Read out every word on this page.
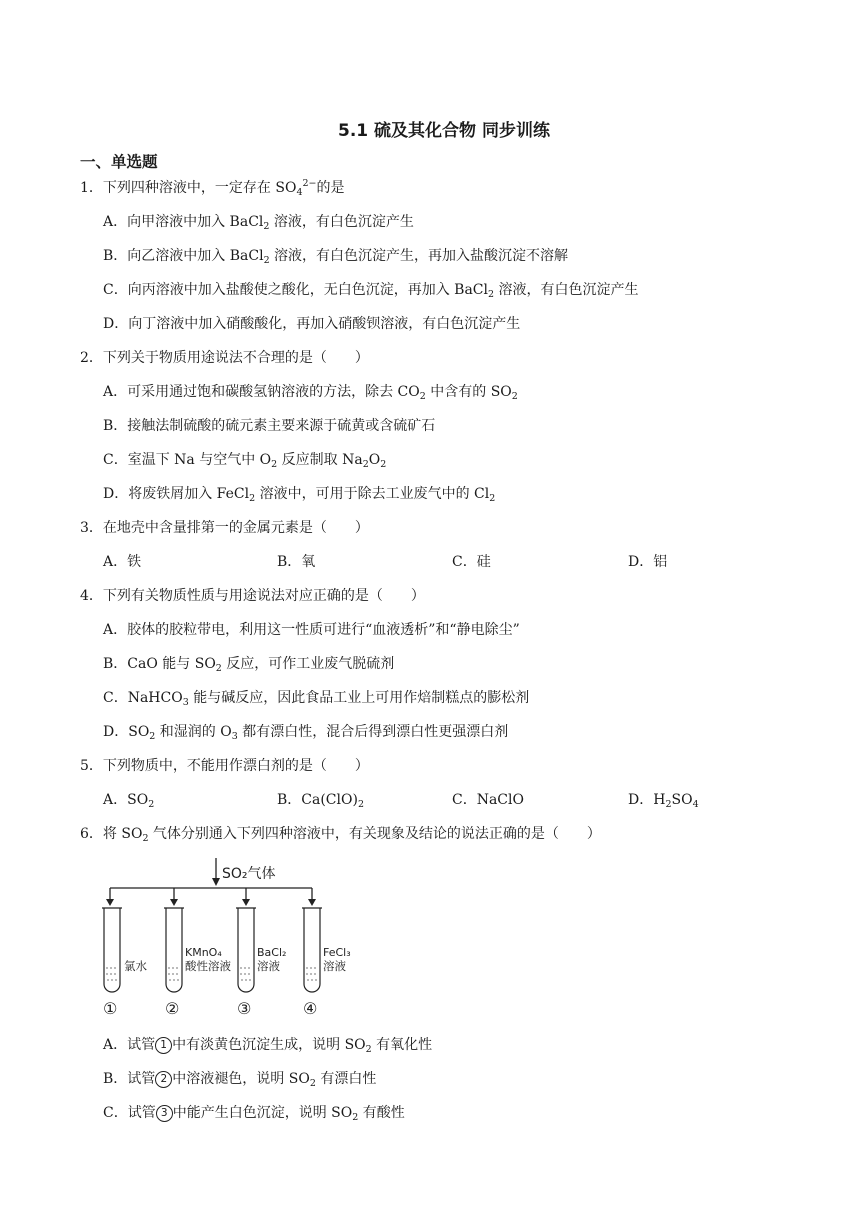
5.1 硫及其化合物 同步训练
一、单选题
1．下列四种溶液中，一定存在 $SO_4^{2-}$的是
A．向甲溶液中加入 BaCl$_2$ 溶液，有白色沉淀产生
B．向乙溶液中加入 BaCl$_2$ 溶液，有白色沉淀产生，再加入盐酸沉淀不溶解
C．向丙溶液中加入盐酸使之酸化，无白色沉淀，再加入 BaCl$_2$ 溶液，有白色沉淀产生
D．向丁溶液中加入硝酸酸化，再加入硝酸钡溶液，有白色沉淀产生
2．下列关于物质用途说法不合理的是（　　）
A．可采用通过饱和碳酸氢钠溶液的方法，除去 $CO_2$ 中含有的 $SO_2$
B．接触法制硫酸的硫元素主要来源于硫黄或含硫矿石
C．室温下 Na 与空气中 $O_2$ 反应制取 $Na_2O_2$
D．将废铁屑加入 FeCl$_2$ 溶液中，可用于除去工业废气中的 $Cl_2$
3．在地壳中含量排第一的金属元素是（　　）
A．铁	B．氧	C．硅	D．铝
4．下列有关物质性质与用途说法对应正确的是（　　）
A．胶体的胶粒带电，利用这一性质可进行“血液透析”和“静电除尘”
B．CaO 能与 $SO_2$ 反应，可作工业废气脱硫剂
C．NaHCO$_3$ 能与碱反应，因此食品工业上可用作焙制糕点的膨松剂
D．$SO_2$ 和湿润的 $O_3$ 都有漂白性，混合后得到漂白性更强漂白剂
5．下列物质中，不能用作漂白剂的是（　　）
A．$SO_2$	B．$Ca(ClO)_2$	C．NaClO	D．$H_2SO_4$
6．将 $SO_2$ 气体分别通入下列四种溶液中，有关现象及结论的说法正确的是（　　）
SO₂气体
氯水
KMnO₄
酸性溶液
BaCl₂
溶液
FeCl₃
溶液
①	②	③	④
A．试管 1 中有淡黄色沉淀生成，说明 $SO_2$ 有氧化性
B．试管 2 中溶液褪色，说明 $SO_2$ 有漂白性
C．试管 3 中能产生白色沉淀，说明 $SO_2$ 有酸性
